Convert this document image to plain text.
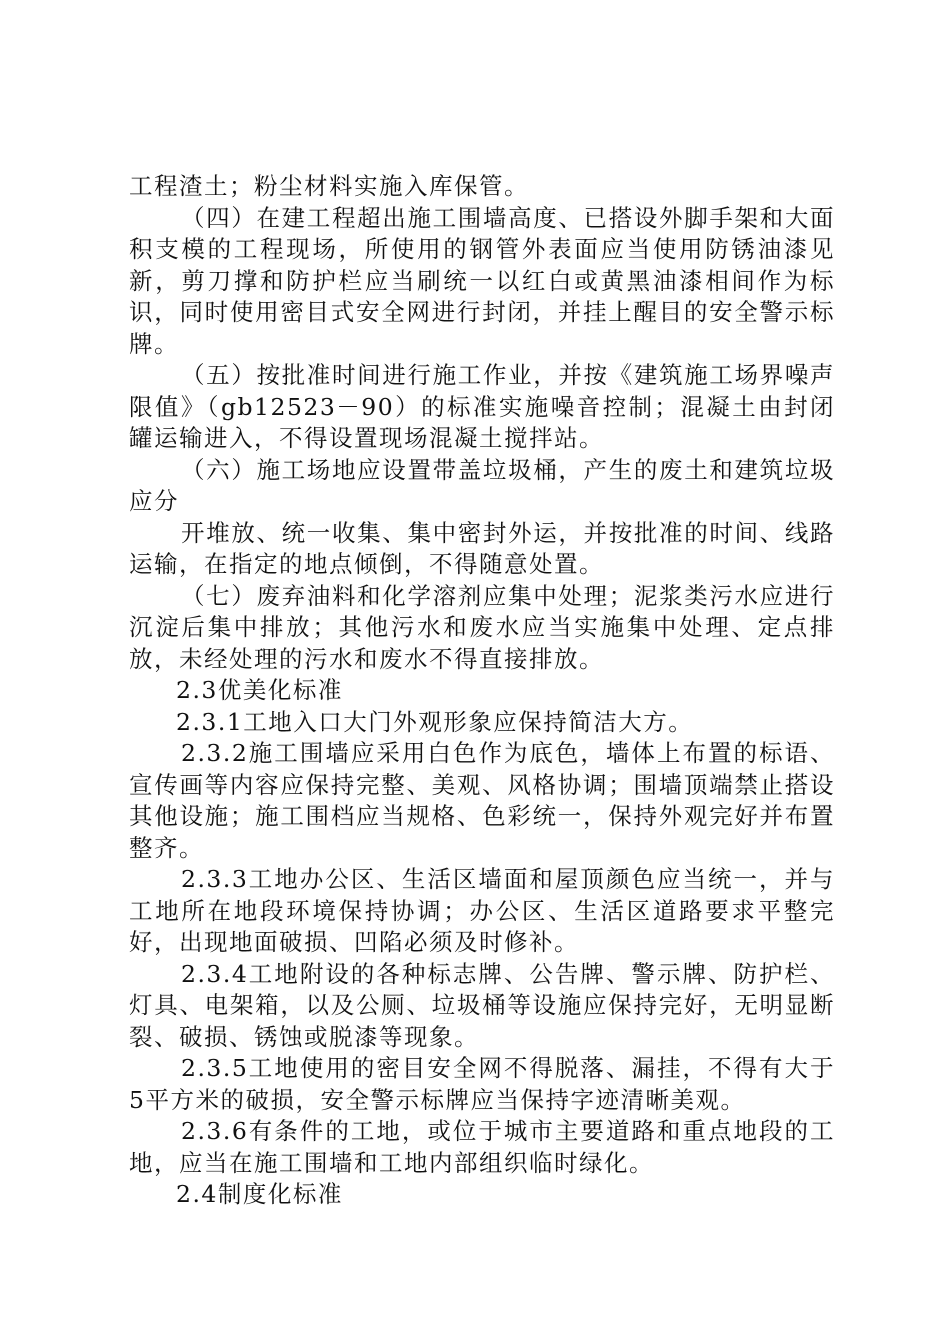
工程渣土；粉尘材料实施入库保管。

（四）在建工程超出施工围墙高度、已搭设外脚手架和大面积支模的工程现场，所使用的钢管外表面应当使用防锈油漆见新，剪刀撑和防护栏应当刷统一以红白或黄黑油漆相间作为标识，同时使用密目式安全网进行封闭，并挂上醒目的安全警示标牌。

（五）按批准时间进行施工作业，并按《建筑施工场界噪声限值》（gb12523－90）的标准实施噪音控制；混凝土由封闭罐运输进入，不得设置现场混凝土搅拌站。

（六）施工场地应设置带盖垃圾桶，产生的废土和建筑垃圾应分

开堆放、统一收集、集中密封外运，并按批准的时间、线路运输，在指定的地点倾倒，不得随意处置。

（七）废弃油料和化学溶剂应集中处理；泥浆类污水应进行沉淀后集中排放；其他污水和废水应当实施集中处理、定点排放，未经处理的污水和废水不得直接排放。

2.3优美化标准

2.3.1工地入口大门外观形象应保持简洁大方。

2.3.2施工围墙应采用白色作为底色，墙体上布置的标语、宣传画等内容应保持完整、美观、风格协调；围墙顶端禁止搭设其他设施；施工围档应当规格、色彩统一，保持外观完好并布置整齐。

2.3.3工地办公区、生活区墙面和屋顶颜色应当统一，并与工地所在地段环境保持协调；办公区、生活区道路要求平整完好，出现地面破损、凹陷必须及时修补。

2.3.4工地附设的各种标志牌、公告牌、警示牌、防护栏、灯具、电架箱，以及公厕、垃圾桶等设施应保持完好，无明显断裂、破损、锈蚀或脱漆等现象。

2.3.5工地使用的密目安全网不得脱落、漏挂，不得有大于5平方米的破损，安全警示标牌应当保持字迹清晰美观。

2.3.6有条件的工地，或位于城市主要道路和重点地段的工地，应当在施工围墙和工地内部组织临时绿化。

2.4制度化标准
